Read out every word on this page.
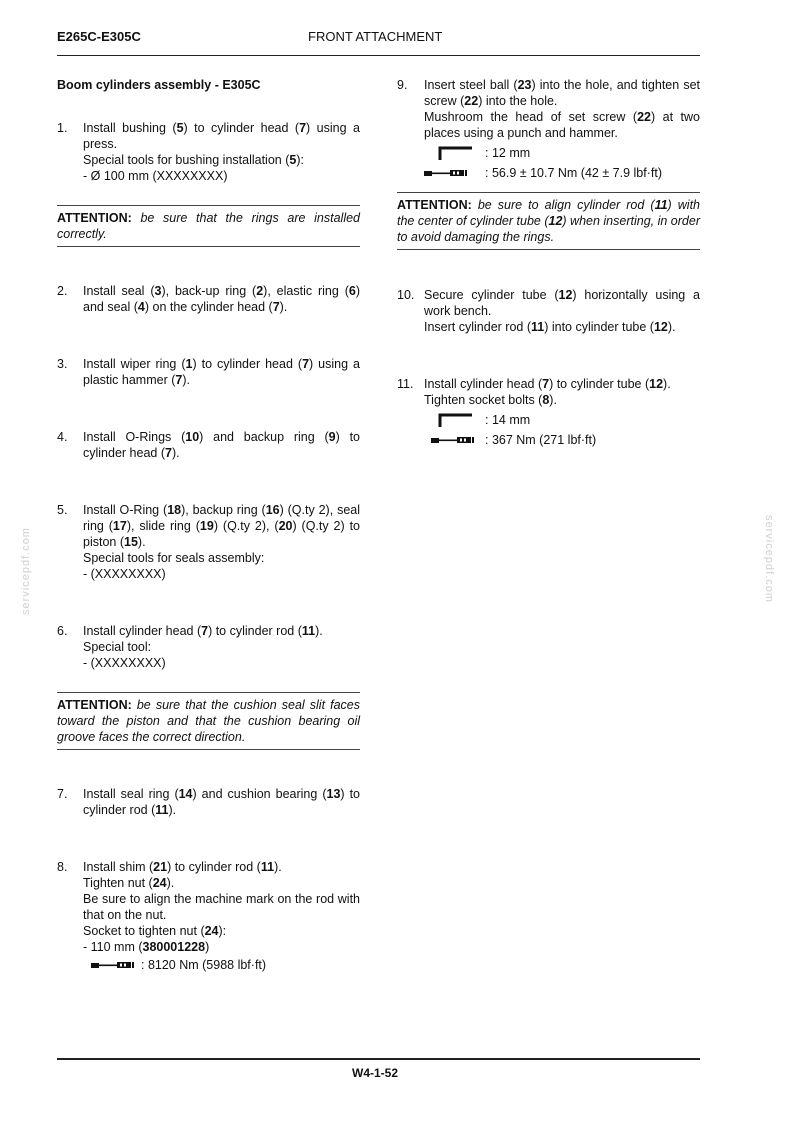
E265C-E305C	FRONT ATTACHMENT

Boom cylinders assembly - E305C

1.	Install bushing (5) to cylinder head (7) using a press.
Special tools for bushing installation (5):
- Ø 100 mm (XXXXXXXX)
ATTENTION: be sure that the rings are installed correctly.
2.	Install seal (3), back-up ring (2), elastic ring (6) and seal (4) on the cylinder head (7).
3.	Install wiper ring (1) to cylinder head (7) using a plastic hammer (7).
4.	Install O-Rings (10) and backup ring (9) to cylinder head (7).
5.	Install O-Ring (18), backup ring (16) (Q.ty 2), seal ring (17), slide ring (19) (Q.ty 2), (20) (Q.ty 2) to piston (15).
Special tools for seals assembly:
- (XXXXXXXX)
6.	Install cylinder head (7) to cylinder rod (11).
Special tool:
- (XXXXXXXX)
ATTENTION: be sure that the cushion seal slit faces toward the piston and that the cushion bearing oil groove faces the correct direction.
7.	Install seal ring (14) and cushion bearing (13) to cylinder rod (11).
8.	Install shim (21) to cylinder rod (11).
Tighten nut (24).
Be sure to align the machine mark on the rod with that on the nut.
Socket to tighten nut (24):
- 110 mm (380001228)
: 8120 Nm (5988 lbf·ft)
9.	Insert steel ball (23) into the hole, and tighten set screw (22) into the hole.
Mushroom the head of set screw (22) at two places using a punch and hammer.
: 12 mm
: 56.9 ± 10.7 Nm (42 ± 7.9 lbf·ft)
ATTENTION: be sure to align cylinder rod (11) with the center of cylinder tube (12) when inserting, in order to avoid damaging the rings.
10. Secure cylinder tube (12) horizontally using a work bench.
Insert cylinder rod (11) into cylinder tube (12).
11. Install cylinder head (7) to cylinder tube (12).
Tighten socket bolts (8).
: 14 mm
: 367 Nm (271 lbf·ft)
servicepdf.com	servicepdf.com
W4-1-52
